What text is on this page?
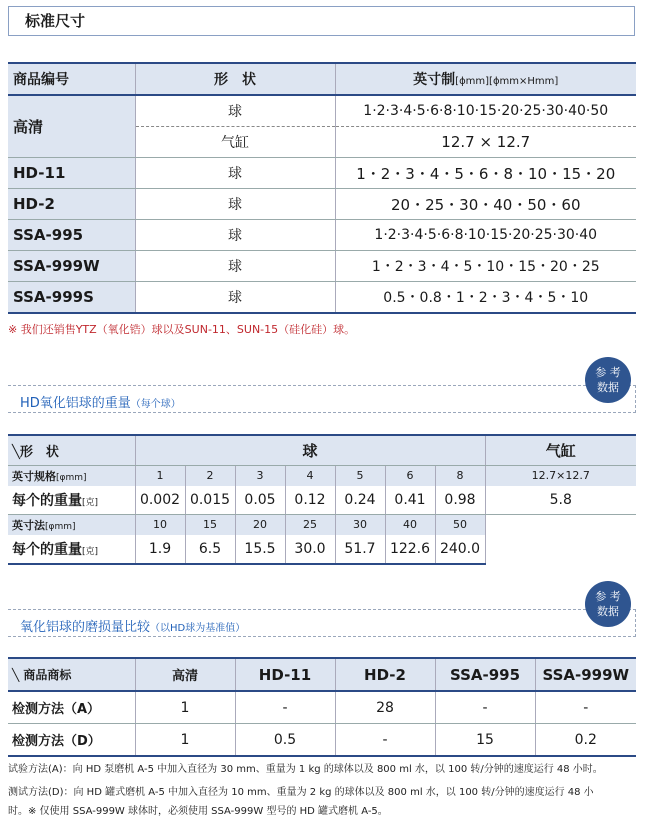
标准尺寸
商品编号	形　状	英寸制[ϕmm][ϕmm×Hmm]
高清	球	1·2·3·4·5·6·8·10·15·20·25·30·40·50
	气缸	12.7 × 12.7
HD-11	球	1・2・3・4・5・6・8・10・15・20
HD-2	球	20・25・30・40・50・60
SSA-995	球	1·2·3·4·5·6·8·10·15·20·25·30·40
SSA-999W	球	1・2・3・4・5・10・15・20・25
SSA-999S	球	0.5・0.8・1・2・3・4・5・10
※ 我们还销售YTZ（氧化锆）球以及SUN-11、SUN-15（硅化硅）球。
HD氧化铝球的重量（每个球）
参 考
数据
╲形　状	球							气缸
英寸规格[φmm]	1	2	3	4	5	6	8	12.7×12.7
每个的重量[克]	0.002	0.015	0.05	0.12	0.24	0.41	0.98	5.8
英寸法[φmm]	10	15	20	25	30	40	50	
每个的重量[克]	1.9	6.5	15.5	30.0	51.7	122.6	240.0	
氧化铝球的磨损量比较（以HD球为基准值）
参 考
数据
╲ 商品商标	高清	HD-11	HD-2	SSA-995	SSA-999W
检测方法（A）	1	-	28	-	-
检测方法（D）	1	0.5	-	15	0.2
试验方法(A)：向 HD 泵磨机 A-5 中加入直径为 30 mm、重量为 1 kg 的球体以及 800 ml 水，以 100 转/分钟的速度运行 48 小时。
测试方法(D)：向 HD 罐式磨机 A-5 中加入直径为 10 mm、重量为 2 kg 的球体以及 800 ml 水，以 100 转/分钟的速度运行 48 小
时。※ 仅使用 SSA-999W 球体时，必须使用 SSA-999W 型号的 HD 罐式磨机 A-5。
